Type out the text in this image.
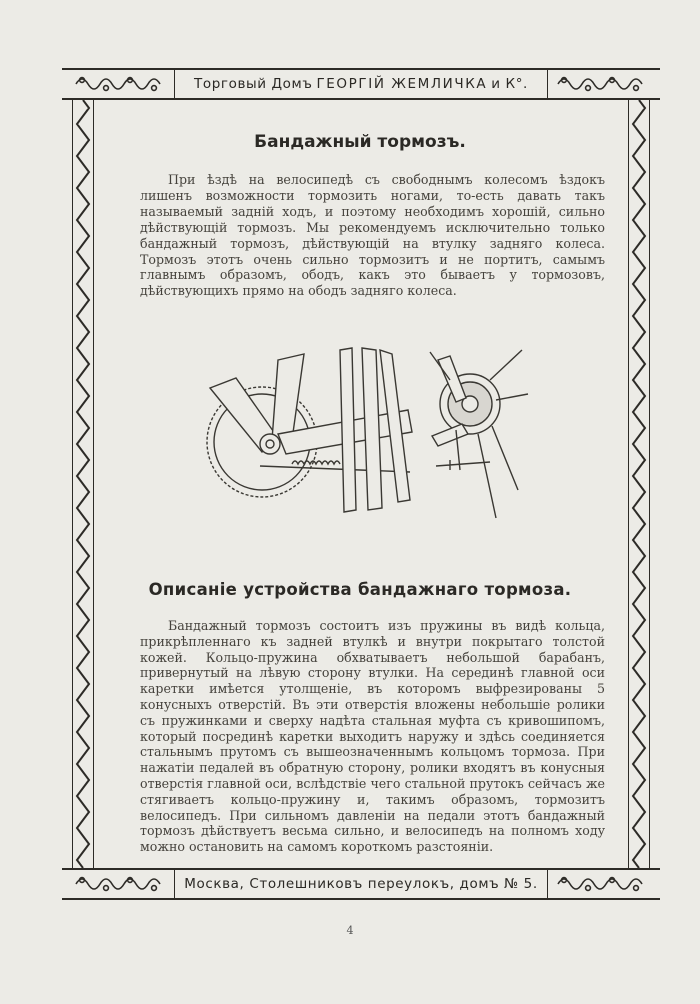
Торговый Домъ ГЕОРГIЙ ЖЕМЛИЧКА и К°.
Бандажный тормозъ.

При ѣздѣ на велосипедѣ съ свободнымъ колесомъ ѣздокъ лишенъ возможности тормозить ногами, то-есть давать такъ называемый заднiй ходъ, и поэтому необходимъ хорошiй, сильно дѣйствующiй тормозъ. Мы рекомендуемъ исключительно только бандажный тормозъ, дѣйствующiй на втулку задняго колеса. Тормозъ этотъ очень сильно тормозитъ и не портитъ, самымъ главнымъ образомъ, ободъ, какъ это бываетъ у тормозовъ, дѣйствующихъ прямо на ободъ задняго колеса.

Описанiе устройства бандажнаго тормоза.

Бандажный тормозъ состоитъ изъ пружины въ видѣ кольца, прикрѣпленнаго къ задней втулкѣ и внутри покрытаго толстой кожей. Кольцо-пружина обхватываетъ небольшой барабанъ, привернутый на лѣвую сторону втулки. На серединѣ главной оси каретки имѣется утолщенiе, въ которомъ выфрезированы 5 конусныхъ отверстiй. Въ эти отверстiя вложены небольшiе ролики съ пружинками и сверху надѣта стальная муфта съ кривошипомъ, который посрединѣ каретки выходитъ наружу и здѣсь соединяется стальнымъ прутомъ съ вышеозначеннымъ кольцомъ тормоза. При нажатiи педалей въ обратную сторону, ролики входятъ въ конусныя отверстiя главной оси, вслѣдствiе чего стальной прутокъ сейчасъ же стягиваетъ кольцо-пружину и, такимъ образомъ, тормозитъ велосипедъ. При сильномъ давленiи на педали этотъ бандажный тормозъ дѣйствуетъ весьма сильно, и велосипедъ на полномъ ходу можно остановить на самомъ короткомъ разстоянiи.

Москва, Столешниковъ переулокъ, домъ № 5.
4
